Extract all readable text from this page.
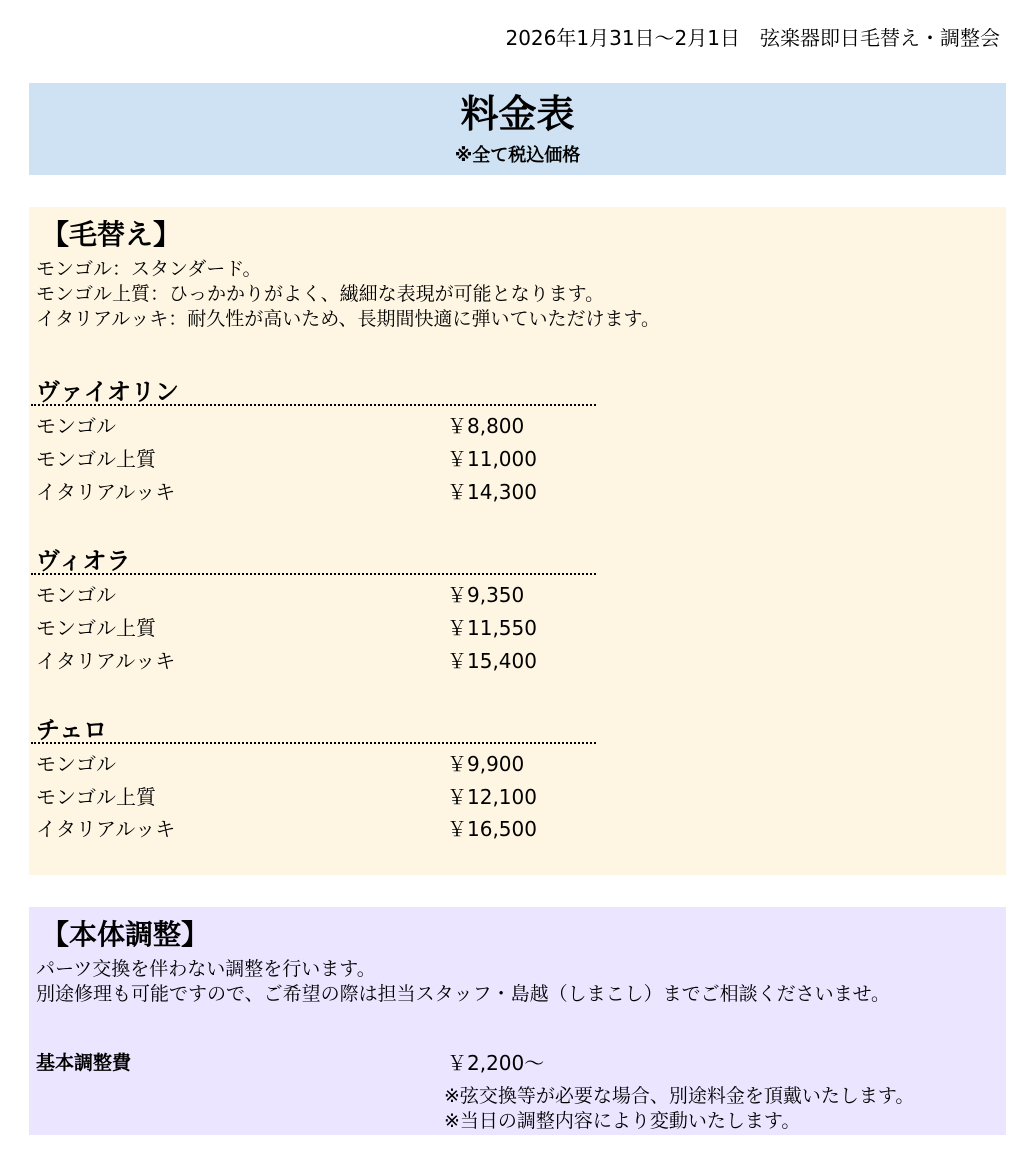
2026年1月31日～2月1日　弦楽器即日毛替え・調整会
料金表
※全て税込価格
【毛替え】
モンゴル：スタンダード。
モンゴル上質：ひっかかりがよく、繊細な表現が可能となります。
イタリアルッキ：耐久性が高いため、長期間快適に弾いていただけます。
ヴァイオリン
モンゴル	￥8,800
モンゴル上質	￥11,000
イタリアルッキ	￥14,300
ヴィオラ
モンゴル	￥9,350
モンゴル上質	￥11,550
イタリアルッキ	￥15,400
チェロ
モンゴル	￥9,900
モンゴル上質	￥12,100
イタリアルッキ	￥16,500
【本体調整】
パーツ交換を伴わない調整を行います。
別途修理も可能ですので、ご希望の際は担当スタッフ・島越（しまこし）までご相談くださいませ。
基本調整費	￥2,200～
※弦交換等が必要な場合、別途料金を頂戴いたします。
※当日の調整内容により変動いたします。
